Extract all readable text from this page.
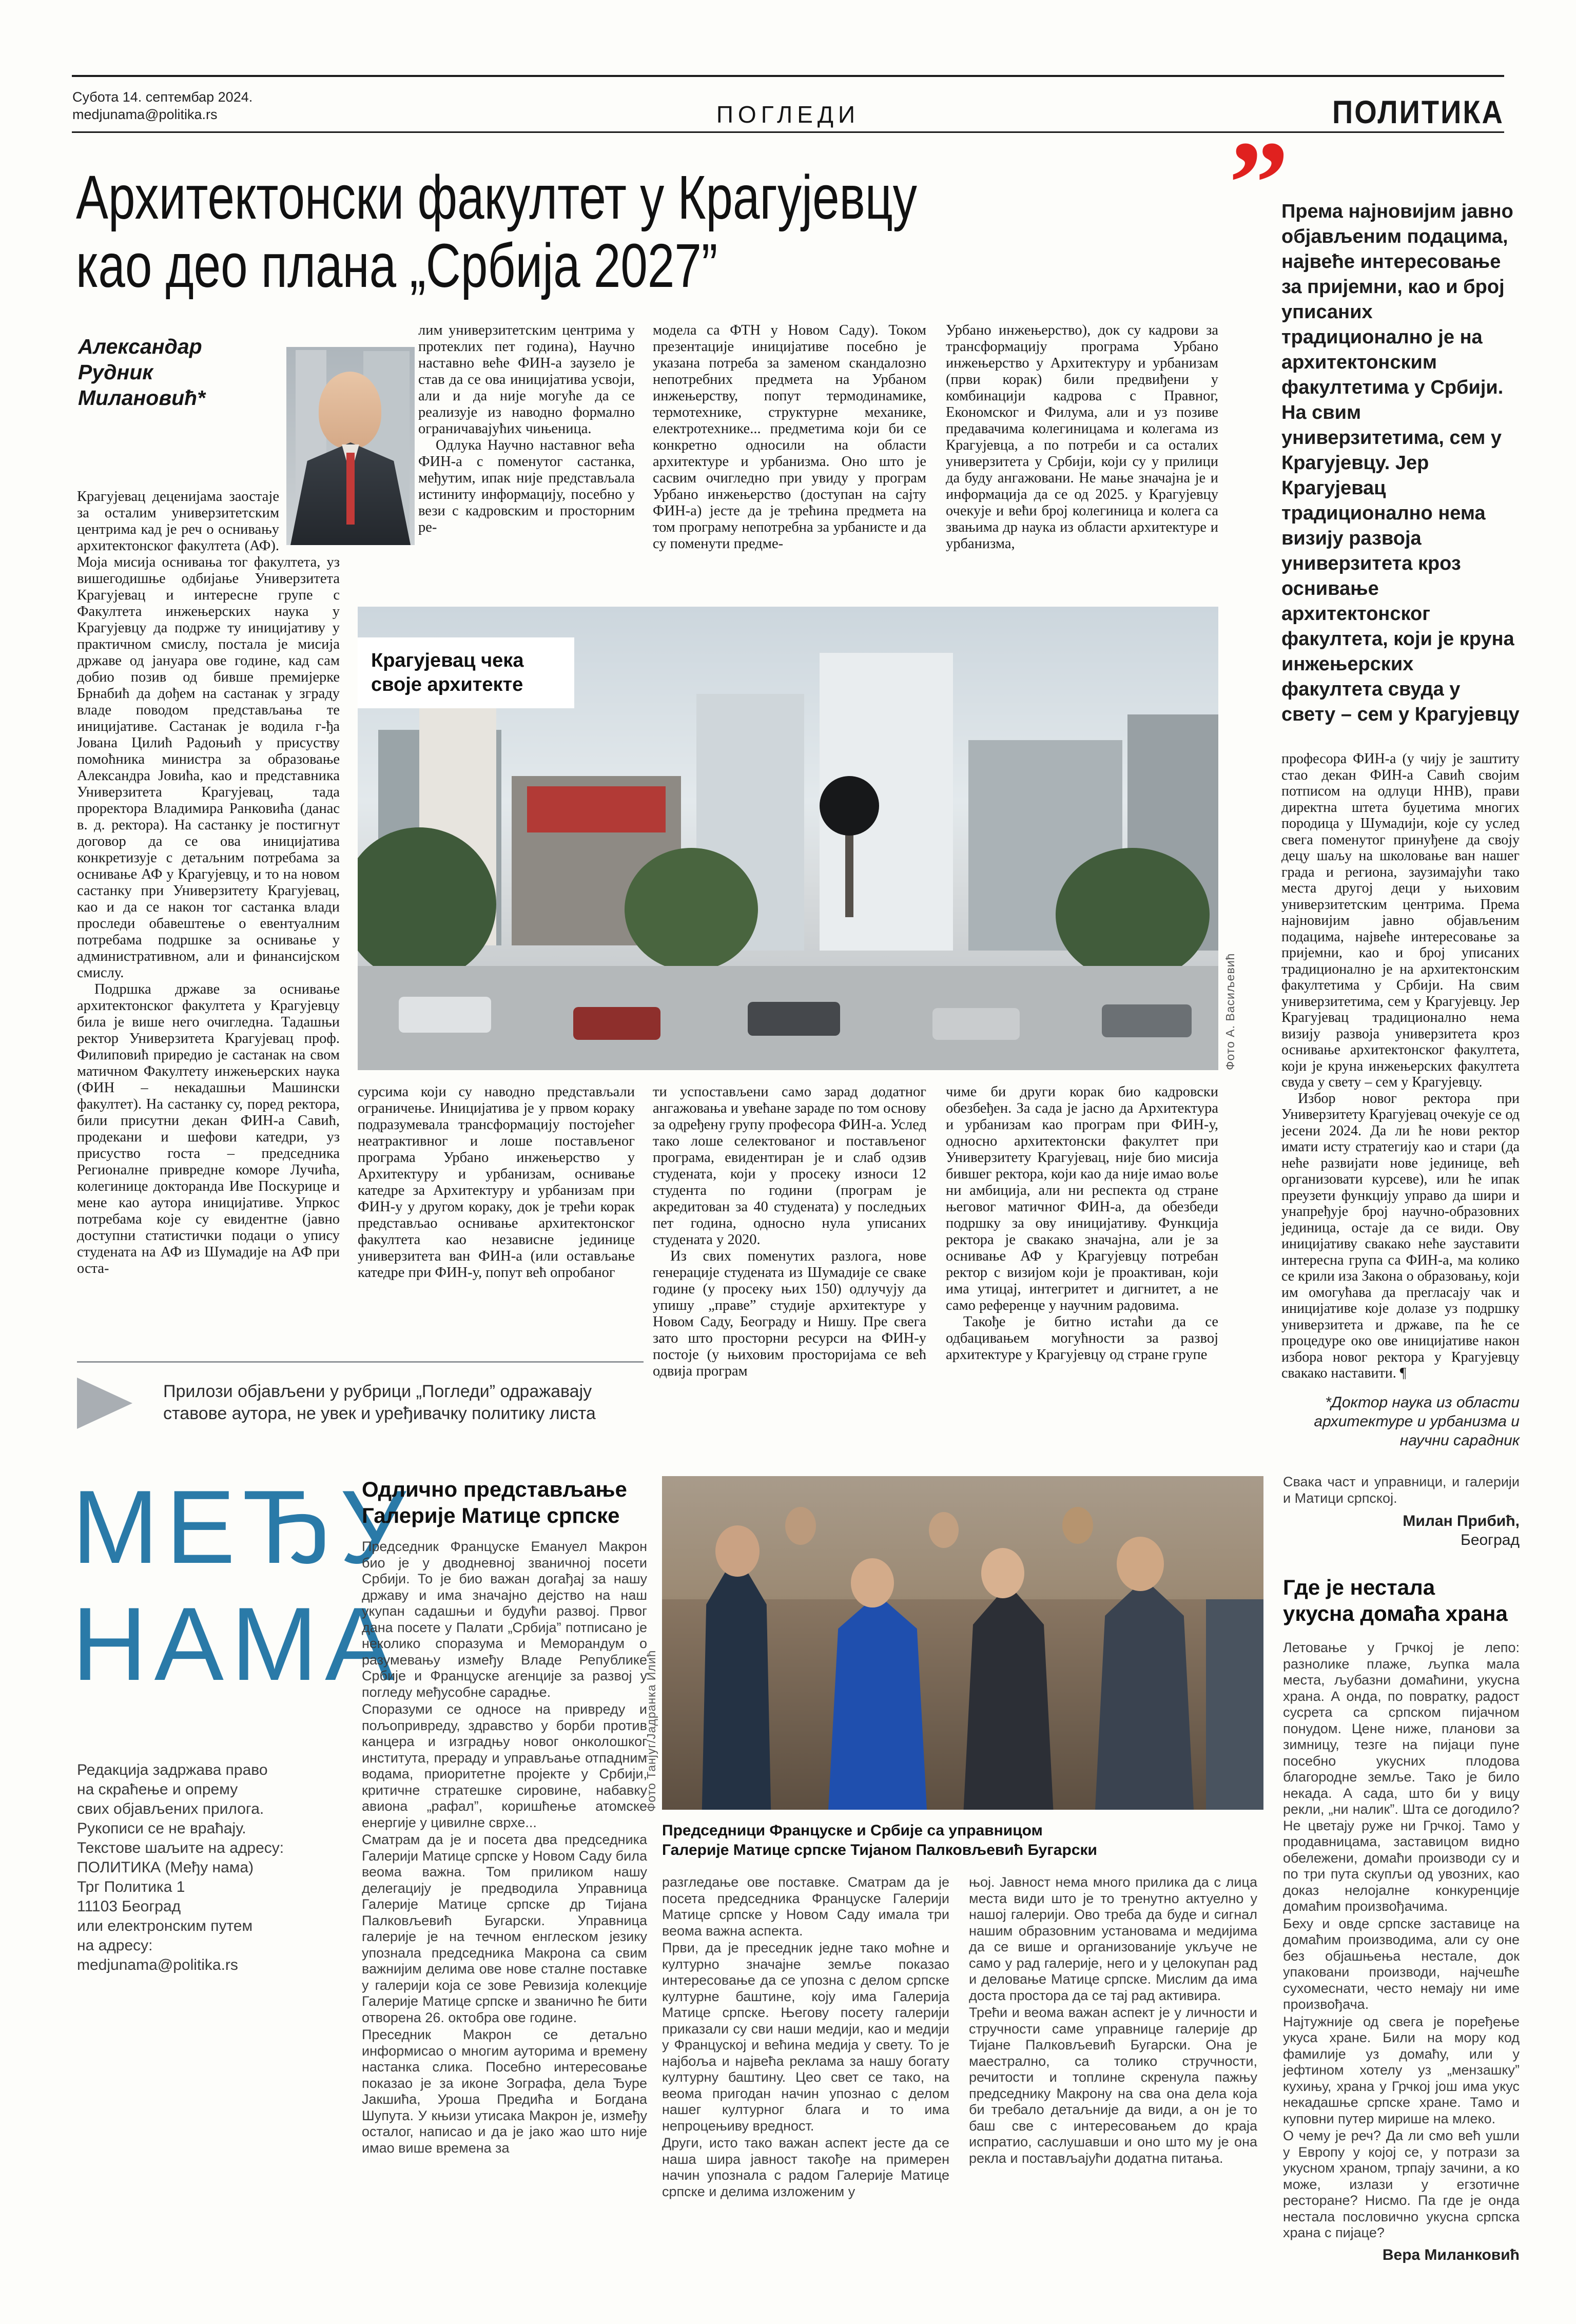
Субота 14. септембар 2024.
medjunama@politika.rs	ПОГЛЕДИ	ПОЛИТИКА
Архитектонски факултет у Крагујевцу
као део плана „Србија 2027”
„
Александар Рудник Милановић*

Крагујевац деценијама заостаје за осталим универзитетским центрима кад је реч о оснивању архитектонског факултета (АФ). Моја мисија оснивања тог факултета, уз вишегодишње одбијање Универзитета Крагујевац и интересне групе с Факултета инжењерских наука у Крагујевцу да подрже ту иницијативу у практичном смислу, постала је мисија државе од јануара ове године, кад сам добио позив од бивше премијерке Брнабић да дођем на састанак у зграду владе поводом представљања те иницијативе. Састанак је водила г-ђа Јована Цилић Радоњић у присуству помоћника министра за образовање Александра Јовића, као и представника Универзитета Крагујевац, тада проректора Владимира Ранковића (данас в. д. ректора). На састанку је постигнут договор да се ова иницијатива конкретизује с детаљним потребама за оснивање АФ у Крагујевцу, и то на новом састанку при Универзитету Крагујевац, као и да се након тог састанка влади проследи обавештење о евентуалним потребама подршке за оснивање у административном, али и финансијском смислу.

Подршка државе за оснивање архитектонског факултета у Крагујевцу била је више него очигледна. Тадашњи ректор Универзитета Крагујевац проф. Филиповић приредио је састанак на свом матичном Факултету инжењерских наука (ФИН – некадашњи Машински факултет). На састанку су, поред ректора, били присутни декан ФИН-а Савић, продекани и шефови катедри, уз присуство госта – председника Регионалне привредне коморе Лучића, колегинице докторанда Иве Поскурице и мене као аутора иницијативе. Упркос потребама које су евидентне (јавно доступни статистички подаци о упису студената на АФ из Шумадије на АФ при оста-

лим универзитетским центрима у протеклих пет година), Научно наставно веће ФИН-а заузело је став да се ова иницијатива усвоји, али и да није могуће да се реализује из наводно формално ограничавајућих чињеница.

Одлука Научно наставног већа ФИН-а с поменутог састанка, међутим, ипак није представљала истиниту информацију, посебно у вези с кадровским и просторним ре-

модела са ФТН у Новом Саду). Током презентације иницијативе посебно је указана потреба за заменом скандалозно непотребних предмета на Урбаном инжењерству, попут термодинамике, термотехнике, структурне механике, електротехнике... предметима који би се конкретно односили на области архитектуре и урбанизма. Оно што је сасвим очигледно при увиду у програм Урбано инжењерство (доступан на сајту ФИН-а) јесте да је трећина предмета на том програму непотребна за урбанисте и да су поменути предме-

Урбано инжењерство), док су кадрови за трансформацију програма Урбано инжењерство у Архитектуру и урбанизам (први корак) били предвиђени у комбинацији кадрова с Правног, Економског и Филума, али и уз позиве предавачима колегиницама и колегама из Крагујевца, а по потреби и са осталих универзитета у Србији, који су у прилици да буду ангажовани. Не мање значајна је и информација да се од 2025. у Крагујевцу очекује и већи број колегиница и колега са звањима др наука из области архитектуре и урбанизма,

Крагујевац чека
своје архитекте
Фото А. Васиљевић

сурсима који су наводно представљали ограничење. Иницијатива је у првом кораку подразумевала трансформацију постојећег неатрактивног и лоше постављеног програма Урбано инжењерство у Архитектуру и урбанизам, оснивање катедре за Архитектуру и урбанизам при ФИН-у у другом кораку, док је трећи корак представљао оснивање архитектонског факултета као независне јединице универзитета ван ФИН-а (или остављање катедре при ФИН-у, попут већ опробаног

ти успостављени само зарад додатног ангажовања и увећане зараде по том основу за одређену групу професора ФИН-а. Услед тако лоше селектованог и постављеног програма, евидентиран је и слаб одзив студената, који у просеку износи 12 студента по години (програм је акредитован за 40 студената) у последњих пет година, односно нула уписаних студената у 2020.

Из свих поменутих разлога, нове генерације студената из Шумадије се сваке године (у просеку њих 150) одлучују да упишу „праве” студије архитектуре у Новом Саду, Београду и Нишу. Пре свега зато што просторни ресурси на ФИН-у постоје (у њиховим просторијама се већ одвија програм

чиме би други корак био кадровски обезбеђен. За сада је јасно да Архитектура и урбанизам као програм при ФИН-у, односно архитектонски факултет при Универзитету Крагујевац, није био мисија бившег ректора, који као да није имао воље ни амбиција, али ни респекта од стране његовог матичног ФИН-а, да обезбеди подршку за ову иницијативу. Функција ректора је свакако значајна, али је за оснивање АФ у Крагујевцу потребан ректор с визијом који је проактиван, који има утицај, интегритет и дигнитет, а не само референце у научним радовима.

Такође је битно истаћи да се одбацивањем могућности за развој архитектуре у Крагујевцу од стране групе

Према најновијим јавно објављеним подацима, највеће интересовање за пријемни, као и број уписаних традиционално је на архитектонским факултетима у Србији. На свим универзитетима, сем у Крагујевцу. Јер Крагујевац традиционално нема визију развоја универзитета кроз оснивање архитектонског факултета, који је круна инжењерских факултета свуда у свету – сем у Крагујевцу

професора ФИН-а (у чију је заштиту стао декан ФИН-а Савић својим потписом на одлуци ННВ), прави директна штета буџетима многих породица у Шумадији, које су услед свега поменутог принуђене да своју децу шаљу на школовање ван нашег града и региона, заузимајући тако места другој деци у њиховим универзитетским центрима. Према најновијим јавно објављеним подацима, највеће интересовање за пријемни, као и број уписаних традиционално је на архитектонским факултетима у Србији. На свим универзитетима, сем у Крагујевцу. Јер Крагујевац традиционално нема визију развоја универзитета кроз оснивање архитектонског факултета, који је круна инжењерских факултета свуда у свету – сем у Крагујевцу.

Избор новог ректора при Универзитету Крагујевац очекује се од јесени 2024. Да ли ће нови ректор имати исту стратегију као и стари (да неће развијати нове јединице, већ организовати курсеве), или ће ипак преузети функцију управо да шири и унапређује број научно-образовних јединица, остаје да се види. Ову иницијативу свакако неће зауставити интересна група са ФИН-а, ма колико се крили иза Закона о образовању, који им омогућава да прегласају чак и иницијативе које долазе уз подршку универзитета и државе, па ће се процедуре око ове иницијативе након избора новог ректора у Крагујевцу свакако наставити. ¶

*Доктор наука из области архитектуре и урбанизма и научни сарадник
Прилози објављени у рубрици „Погледи” одражавају
ставове аутора, не увек и уређивачку политику листа
МЕЂУ
НАМА
Редакција задржава право
на скраћење и опрему
свих објављених прилога.
Рукописи се не враћају.
Текстове шаљите на адресу:
ПОЛИТИКА (Међу нама)
Трг Политика 1
11103 Београд
или електронским путем
на адресу:
medjunama@politika.rs
Одлично представљање
Галерије Матице српске

Председник Француске Емануел Макрон био је у дводневној званичној посети Србији. То је био важан догађај за нашу државу и има значајно дејство на наш укупан садашњи и будући развој. Првог дана посете у Палати „Србија” потписано је неколико споразума и Меморандум о разумевању између Владе Републике Србије и Француске агенције за развој у погледу међусобне сарадње.

Споразуми се односе на привреду и пољопривреду, здравство у борби против канцера и изградњу новог онколошког института, прераду и управљање отпадним водама, приоритетне пројекте у Србији, критичне стратешке сировине, набавку авиона „рафал”, коришћење атомске енергије у цивилне сврхе...

Сматрам да је и посета два председника Галерији Матице српске у Новом Саду била веома важна. Том приликом нашу делегацију је предводила Управница Галерије Матице српске др Тијана Палковљевић Бугарски. Управница галерије је на течном енглеском језику упознала председника Макрона са свим важнијим делима ове нове сталне поставке у галерији која се зове Ревизија колекције Галерије Матице српске и званично ће бити отворена 26. октобра ове године.

Преседник Макрон се детаљно информисао о многим ауторима и времену настанка слика. Посебно интересовање показао је за иконе Зографа, дела Ђуре Јакшића, Уроша Предића и Богдана Шупута. У књизи утисака Макрон је, између осталог, написао и да је јако жао што није имао више времена за

Фото Танјуг/Јадранка Илић
Председници Француске и Србије са управницом
Галерије Матице српске Тијаном Палковљевић Бугарски

разгледање ове поставке. Сматрам да је посета председника Француске Галерији Матице српске у Новом Саду имала три веома важна аспекта.

Први, да је преседник једне тако моћне и културно значајне земље показао интересовање да се упозна с делом српске културне баштине, коју има Галерија Матице српске. Његову посету галерији приказали су сви наши медији, као и медији у Француској и већина медија у свету. То је најбоља и највећа реклама за нашу богату културну баштину. Цео свет се тако, на веома пригодан начин упознао с делом нашег културног блага и то има непроцењиву вредност.

Други, исто тако важан аспект јесте да се наша шира јавност такође на примерен начин упознала с радом Галерије Матице српске и делима изложеним у

њој. Јавност нема много прилика да с лица места види што је то тренутно актуелно у нашој галерији. Ово треба да буде и сигнал нашим образовним установама и медијима да се више и организованије укључе не само у рад галерије, него и у целокупан рад и деловање Матице српске. Мислим да има доста простора да се тај рад активира.

Трећи и веома важан аспект је у личности и стручности саме управнице галерије др Тијане Палковљевић Бугарски. Она је маестрално, са толико стручности, речитости и топлине скренула пажњу председнику Макрону на сва она дела која би требало детаљније да види, а он је то баш све с интересовањем до краја испратио, саслушавши и оно што му је она рекла и постављајући додатна питања.

Свака част и управници, и галерији и Матици српској.
Милан Прибић,
Београд
Где је нестала
укусна домаћа храна

Летовање у Грчкој је лепо: разнолике плаже, љупка мала места, љубазни домаћини, укусна храна. А онда, по повратку, радост сусрета са српском пијачном понудом. Цене ниже, планови за зимницу, тезге на пијаци пуне посебно укусних плодова благородне земље. Тако је било некада. А сада, што би у вицу рекли, „ни налик”. Шта се догодило? Не цветају руже ни Грчкој. Тамо у продавницама, заставицом видно обележени, домаћи производи су и по три пута скупљи од увозних, као доказ нелојалне конкуренције домаћим произвођачима.

Беху и овде српске заставице на домаћим производима, али су оне без објашњења нестале, док упаковани производи, најчешће сухомеснати, често немају ни име произвођача.

Најтужније од свега је поређење укуса хране. Били на мору код фамилије уз домаћу, или у јефтином хотелу уз „мензашку” кухињу, храна у Грчкој још има укус некадашње српске хране. Тамо и куповни путер мирише на млеко.

О чему је реч? Да ли смо већ ушли у Европу у којој се, у потрази за укусном храном, трпају зачини, а ко може, излази у егзотичне ресторане? Нисмо. Па где је онда нестала пословично укусна српска храна с пијаце?

Вера Миланковић
